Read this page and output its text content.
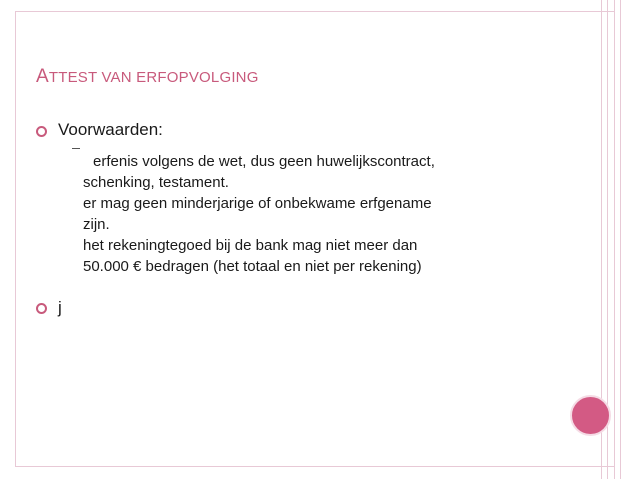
ATTEST VAN ERFOPVOLGING
Voorwaarden:
erfenis volgens de wet, dus geen huwelijkscontract,
schenking, testament.
er mag geen minderjarige of onbekwame erfgename
zijn.
het rekeningtegoed bij de bank mag niet meer dan
50.000 € bedragen (het totaal en niet per rekening)
j
